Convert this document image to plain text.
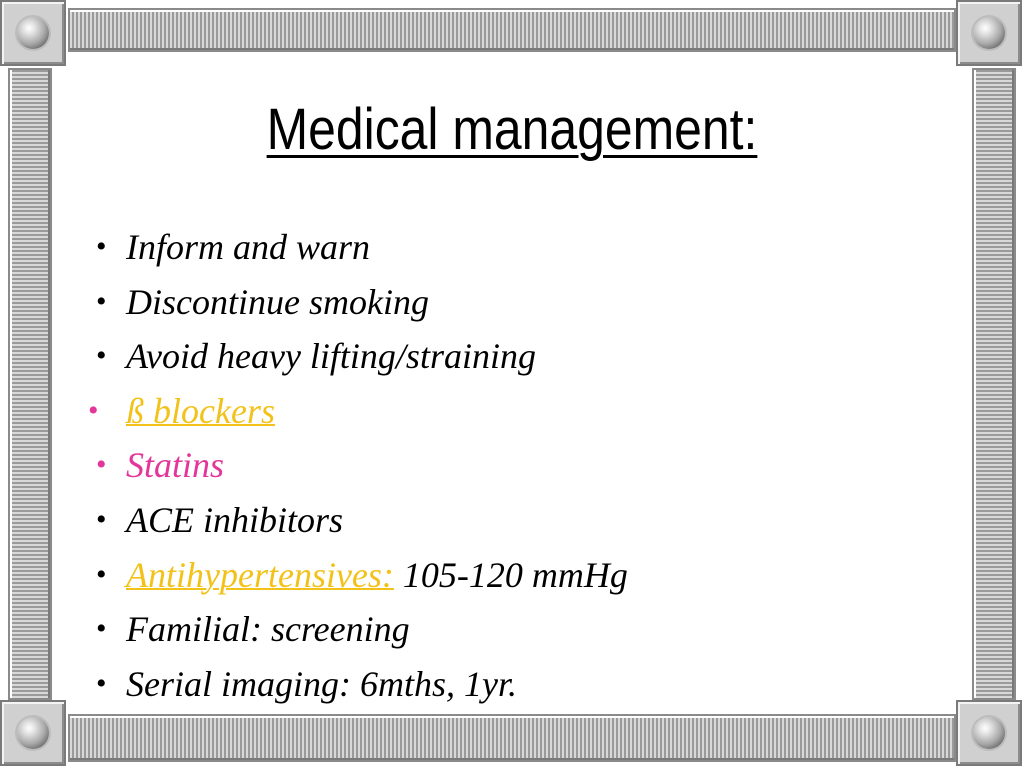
Medical management:
• Inform and warn
• Discontinue smoking
• Avoid heavy lifting/straining
• ß blockers
• Statins
• ACE inhibitors
• Antihypertensives: 105-120 mmHg
• Familial: screening
• Serial imaging: 6mths, 1yr.
